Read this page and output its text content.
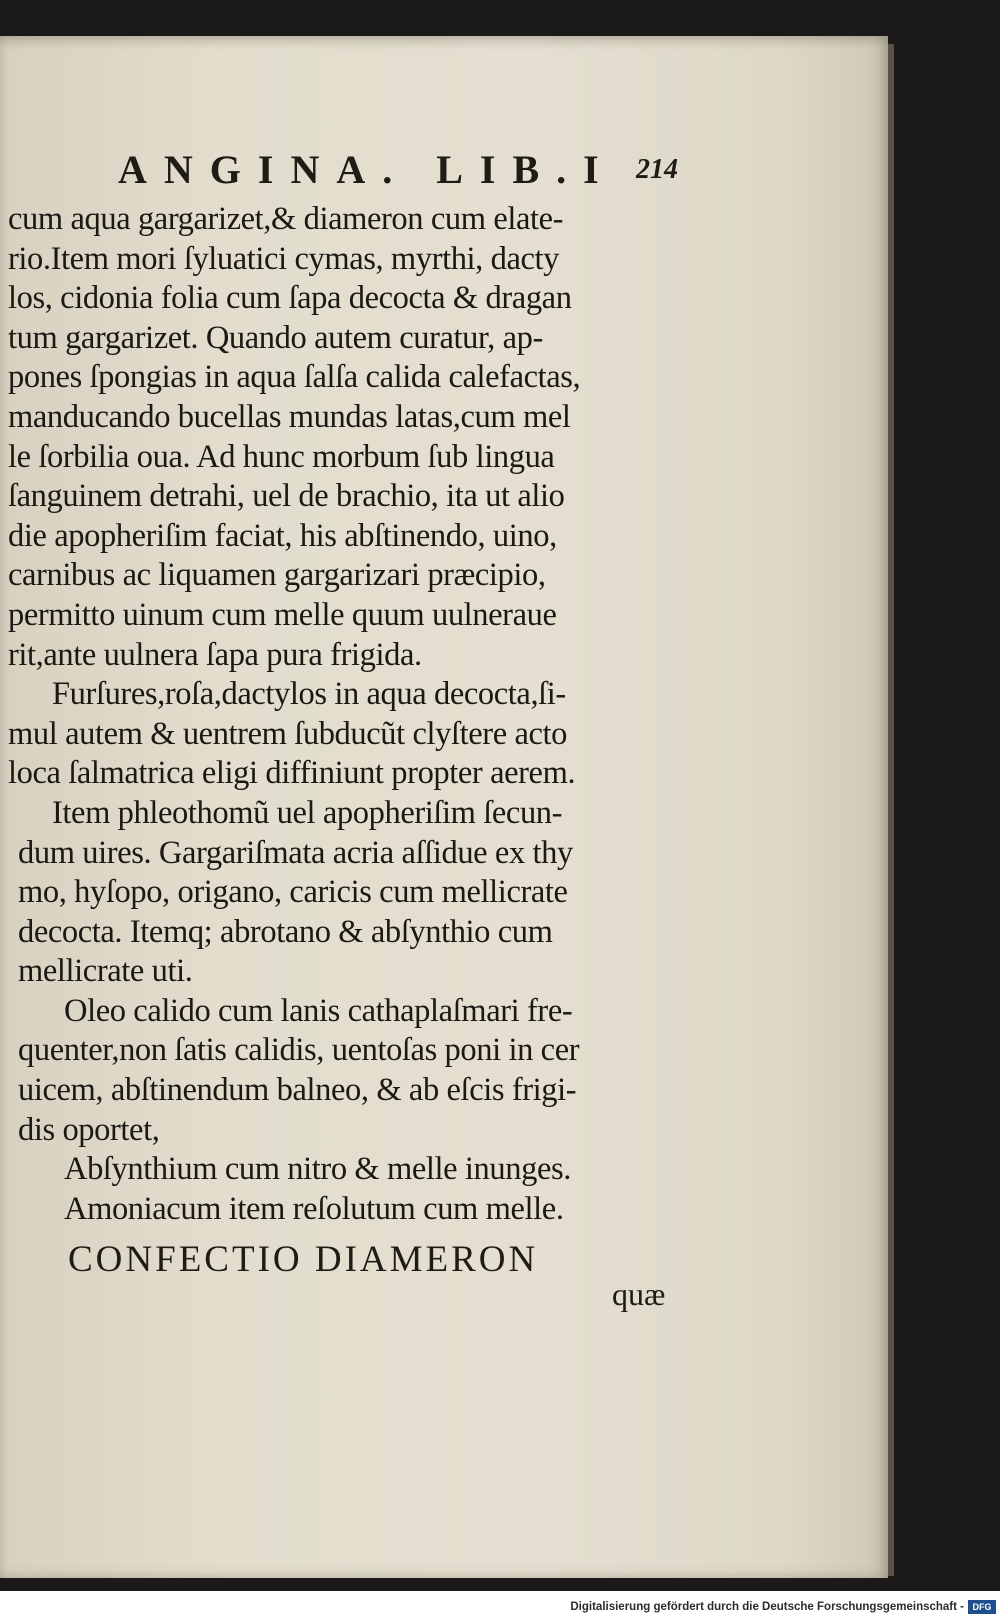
ANGINA. LIB.I 214
cum aqua gargarizet,& diameron cum elate-
rio.Item mori ſyluatici cymas, myrthi, dacty
los, cidonia folia cum ſapa decocta & dragan
tum gargarizet. Quando autem curatur, ap-
pones ſpongias in aqua ſalſa calida calefactas,
manducando bucellas mundas latas,cum mel
le ſorbilia oua. Ad hunc morbum ſub lingua
ſanguinem detrahi, uel de brachio, ita ut alio
die apopheriſim faciat, his abſtinendo, uino,
carnibus ac liquamen gargarizari præcipio,
permitto uinum cum melle quum uulneraue
rit,ante uulnera ſapa pura frigida.
Furſures,roſa,dactylos in aqua decocta,ſi-
mul autem & uentrem ſubducũt clyſtere acto
loca ſalmatrica eligi diffiniunt propter aerem.
Item phleothomũ uel apopheriſim ſecun-
dum uires. Gargariſmata acria aſſidue ex thy
mo, hyſopo, origano, caricis cum mellicrate
decocta. Itemq; abrotano & abſynthio cum
mellicrate uti.
Oleo calido cum lanis cathaplaſmari fre-
quenter,non ſatis calidis, uentoſas poni in cer
uicem, abſtinendum balneo, & ab eſcis frigi-
dis oportet,
Abſynthium cum nitro & melle inunges.
Amoniacum item reſolutum cum melle.
CONFECTIO DIAMERON
quæ
Digitalisierung gefördert durch die Deutsche Forschungsgemeinschaft - DFG
